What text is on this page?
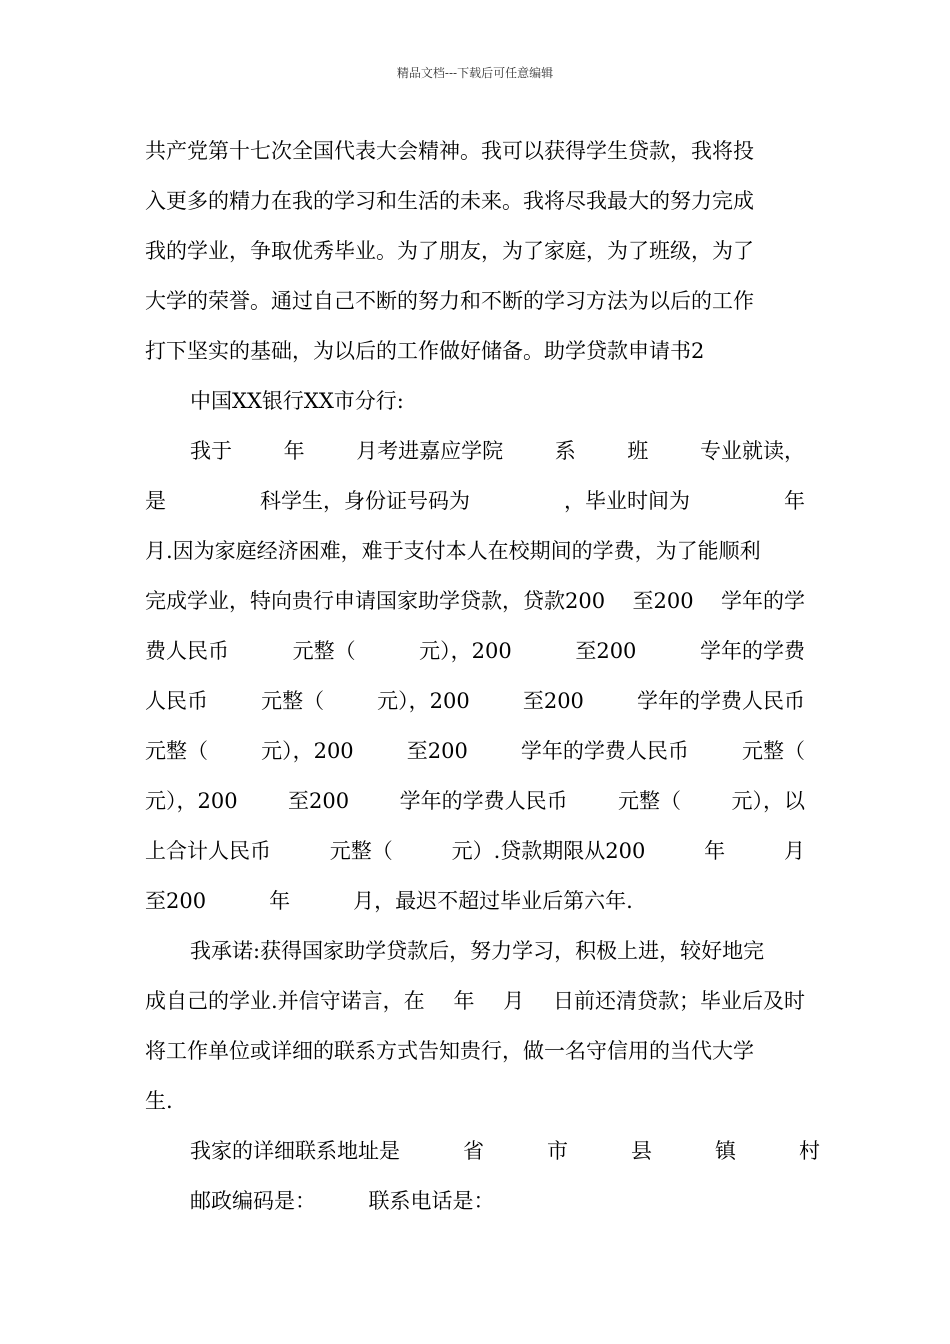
精品文档---下载后可任意编辑
共产党第十七次全国代表大会精神。我可以获得学生贷款，我将投
入更多的精力在我的学习和生活的未来。我将尽我最大的努力完成
我的学业，争取优秀毕业。为了朋友，为了家庭，为了班级，为了
大学的荣誉。通过自己不断的努力和不断的学习方法为以后的工作
打下坚实的基础，为以后的工作做好储备。助学贷款申请书2
中国XX银行XX市分行:
我于 年 月考进嘉应学院 系 班 专业就读，
是	科学生，身份证号码为	，毕业时间为	年
月.因为家庭经济困难，难于支付本人在校期间的学费，为了能顺利
完成学业，特向贵行申请国家助学贷款，贷款200 至200 学年的学
费人民币	元整（	元），200	至200	学年的学费
人民币	元整（	元），200	至200	学年的学费人民币
元整（	元），200	至200	学年的学费人民币	元整（
元），200 至200 学年的学费人民币 元整（ 元），以
上合计人民币	元整（	元）.贷款期限从200	年	月
至200　　　年　　　月，最迟不超过毕业后第六年.
我承诺:获得国家助学贷款后，努力学习，积极上进，较好地完
成自己的学业.并信守诺言，在 年 月 日前还清贷款；毕业后及时
将工作单位或详细的联系方式告知贵行，做一名守信用的当代大学
生.
我家的详细联系地址是　　　省　　　市　　　县　　　镇　　　村
邮政编码是：　　　联系电话是：
